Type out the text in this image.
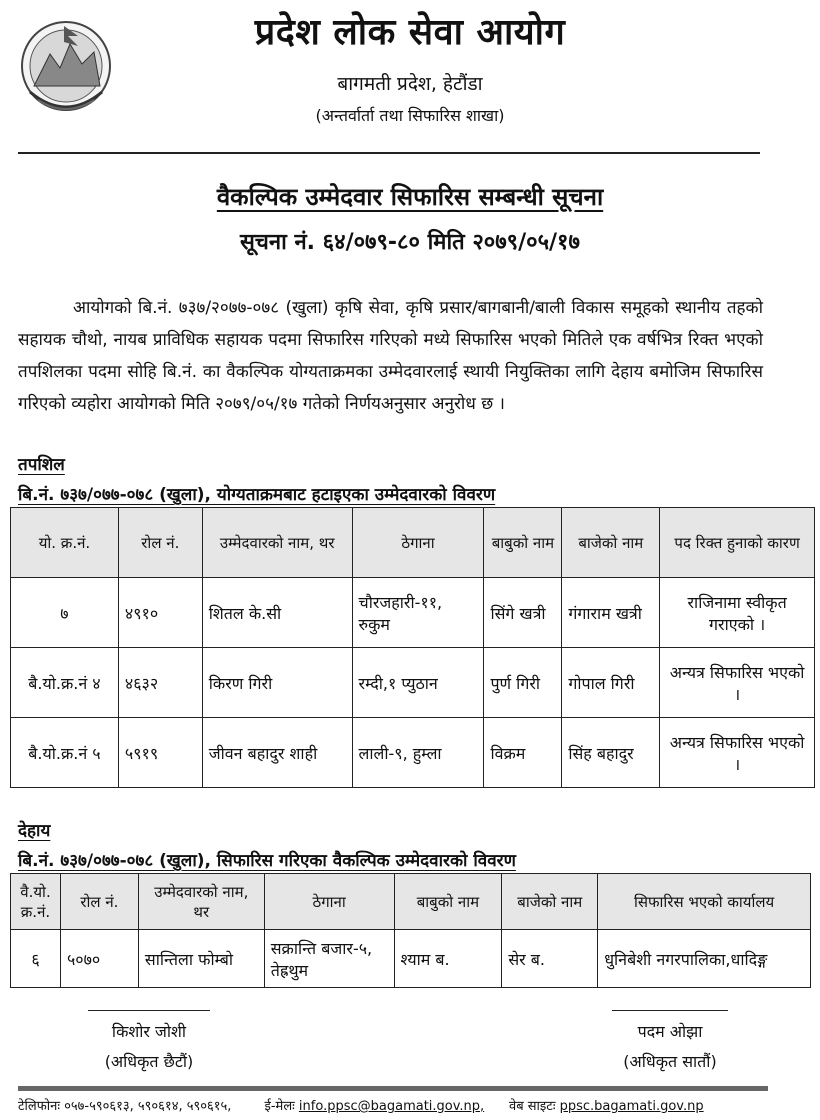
प्रदेश लोक सेवा आयोग
बागमती प्रदेश, हेटौंडा
(अन्तर्वार्ता तथा सिफारिस शाखा)
वैकल्पिक उम्मेदवार सिफारिस सम्बन्धी सूचना
सूचना नं. ६४/०७९-८० मिति २०७९/०५/१७

आयोगको बि.नं. ७३७/२०७७-०७८ (खुला) कृषि सेवा, कृषि प्रसार/बागबानी/बाली विकास समूहको स्थानीय तहको सहायक चौथो, नायब प्राविधिक सहायक पदमा सिफारिस गरिएको मध्ये सिफारिस भएको मितिले एक वर्षभित्र रिक्त भएको तपशिलका पदमा सोहि बि.नं. का वैकल्पिक योग्यताक्रमका उम्मेदवारलाई स्थायी नियुक्तिका लागि देहाय बमोजिम सिफारिस गरिएको व्यहोरा आयोगको मिति २०७९/०५/१७ गतेको निर्णयअनुसार अनुरोध छ ।

तपशिल
बि.नं. ७३७/०७७-०७८ (खुला), योग्यताक्रमबाट हटाइएका उम्मेदवारको विवरण
यो. क्र.नं.	रोल नं.	उम्मेदवारको नाम, थर	ठेगाना	बाबुको नाम	बाजेको नाम	पद रिक्त हुनाको कारण
७	४९१०	शितल के.सी	चौरजहारी-११, रुकुम	सिंगे खत्री	गंगाराम खत्री	राजिनामा स्वीकृत गराएको ।
बै.यो.क्र.नं ४	४६३२	किरण गिरी	रम्दी,१ प्युठान	पुर्ण गिरी	गोपाल गिरी	अन्यत्र सिफारिस भएको ।
बै.यो.क्र.नं ५	५९१९	जीवन बहादुर शाही	लाली-९, हुम्ला	विक्रम	सिंह बहादुर	अन्यत्र सिफारिस भएको ।
देहाय
बि.नं. ७३७/०७७-०७८ (खुला), सिफारिस गरिएका वैकल्पिक उम्मेदवारको विवरण
वै.यो. क्र.नं.	रोल नं.	उम्मेदवारको नाम, थर	ठेगाना	बाबुको नाम	बाजेको नाम	सिफारिस भएको कार्यालय
६	५०७०	सान्तिला फोम्बो	सक्रान्ति बजार-५, तेह्रथुम	श्याम ब.	सेर ब.	धुनिबेशी नगरपालिका,धादिङ्ग
किशोर जोशी
(अधिकृत छैटौं)
पदम ओझा
(अधिकृत सातौं)
टेलिफोनः ०५७-५९०६१३, ५९०६१४, ५९०६१५,	ई-मेलः info.ppsc@bagamati.gov.np, वेब साइटः ppsc.bagamati.gov.np
